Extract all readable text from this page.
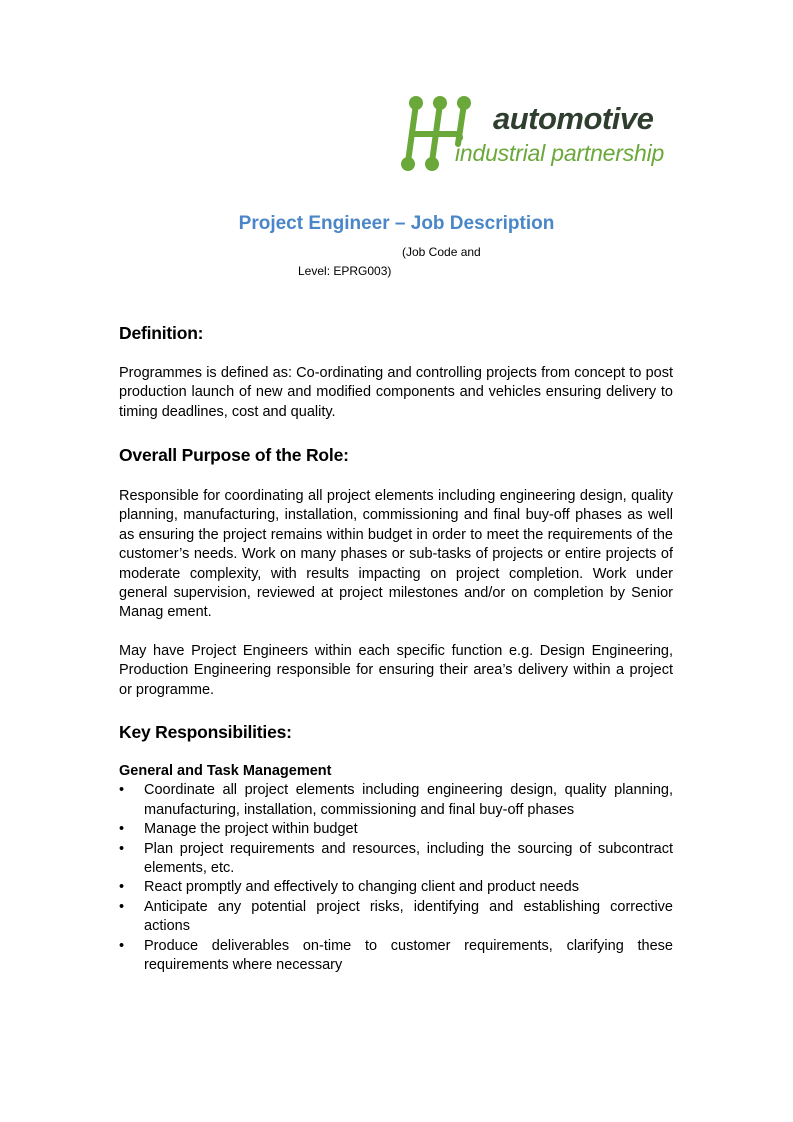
automotive
industrial partnership
Project Engineer – Job Description
(Job Code and
Level: EPRG003)
Definition:

Programmes is defined as: Co-ordinating and controlling projects from concept to post production launch of new and modified components and vehicles ensuring delivery to timing deadlines, cost and quality.

Overall Purpose of the Role:

Responsible for coordinating all project elements including engineering design, quality planning, manufacturing, installation, commissioning and final buy-off phases as well as ensuring the project remains within budget in order to meet the requirements of the customer’s needs. Work on many phases or sub-tasks of projects or entire projects of moderate complexity, with results impacting on project completion. Work under general supervision, reviewed at project milestones and/or on completion by Senior Manag ement.

May have Project Engineers within each specific function e.g. Design Engineering, Production Engineering responsible for ensuring their area’s delivery within a project or programme.

Key Responsibilities:
General and Task Management
• Coordinate all project elements including engineering design, quality planning, manufacturing, installation, commissioning and final buy-off phases
• Manage the project within budget
• Plan project requirements and resources, including the sourcing of subcontract elements, etc.
• React promptly and effectively to changing client and product needs
• Anticipate any potential project risks, identifying and establishing corrective actions
• Produce deliverables on-time to customer requirements, clarifying these requirements where necessary
